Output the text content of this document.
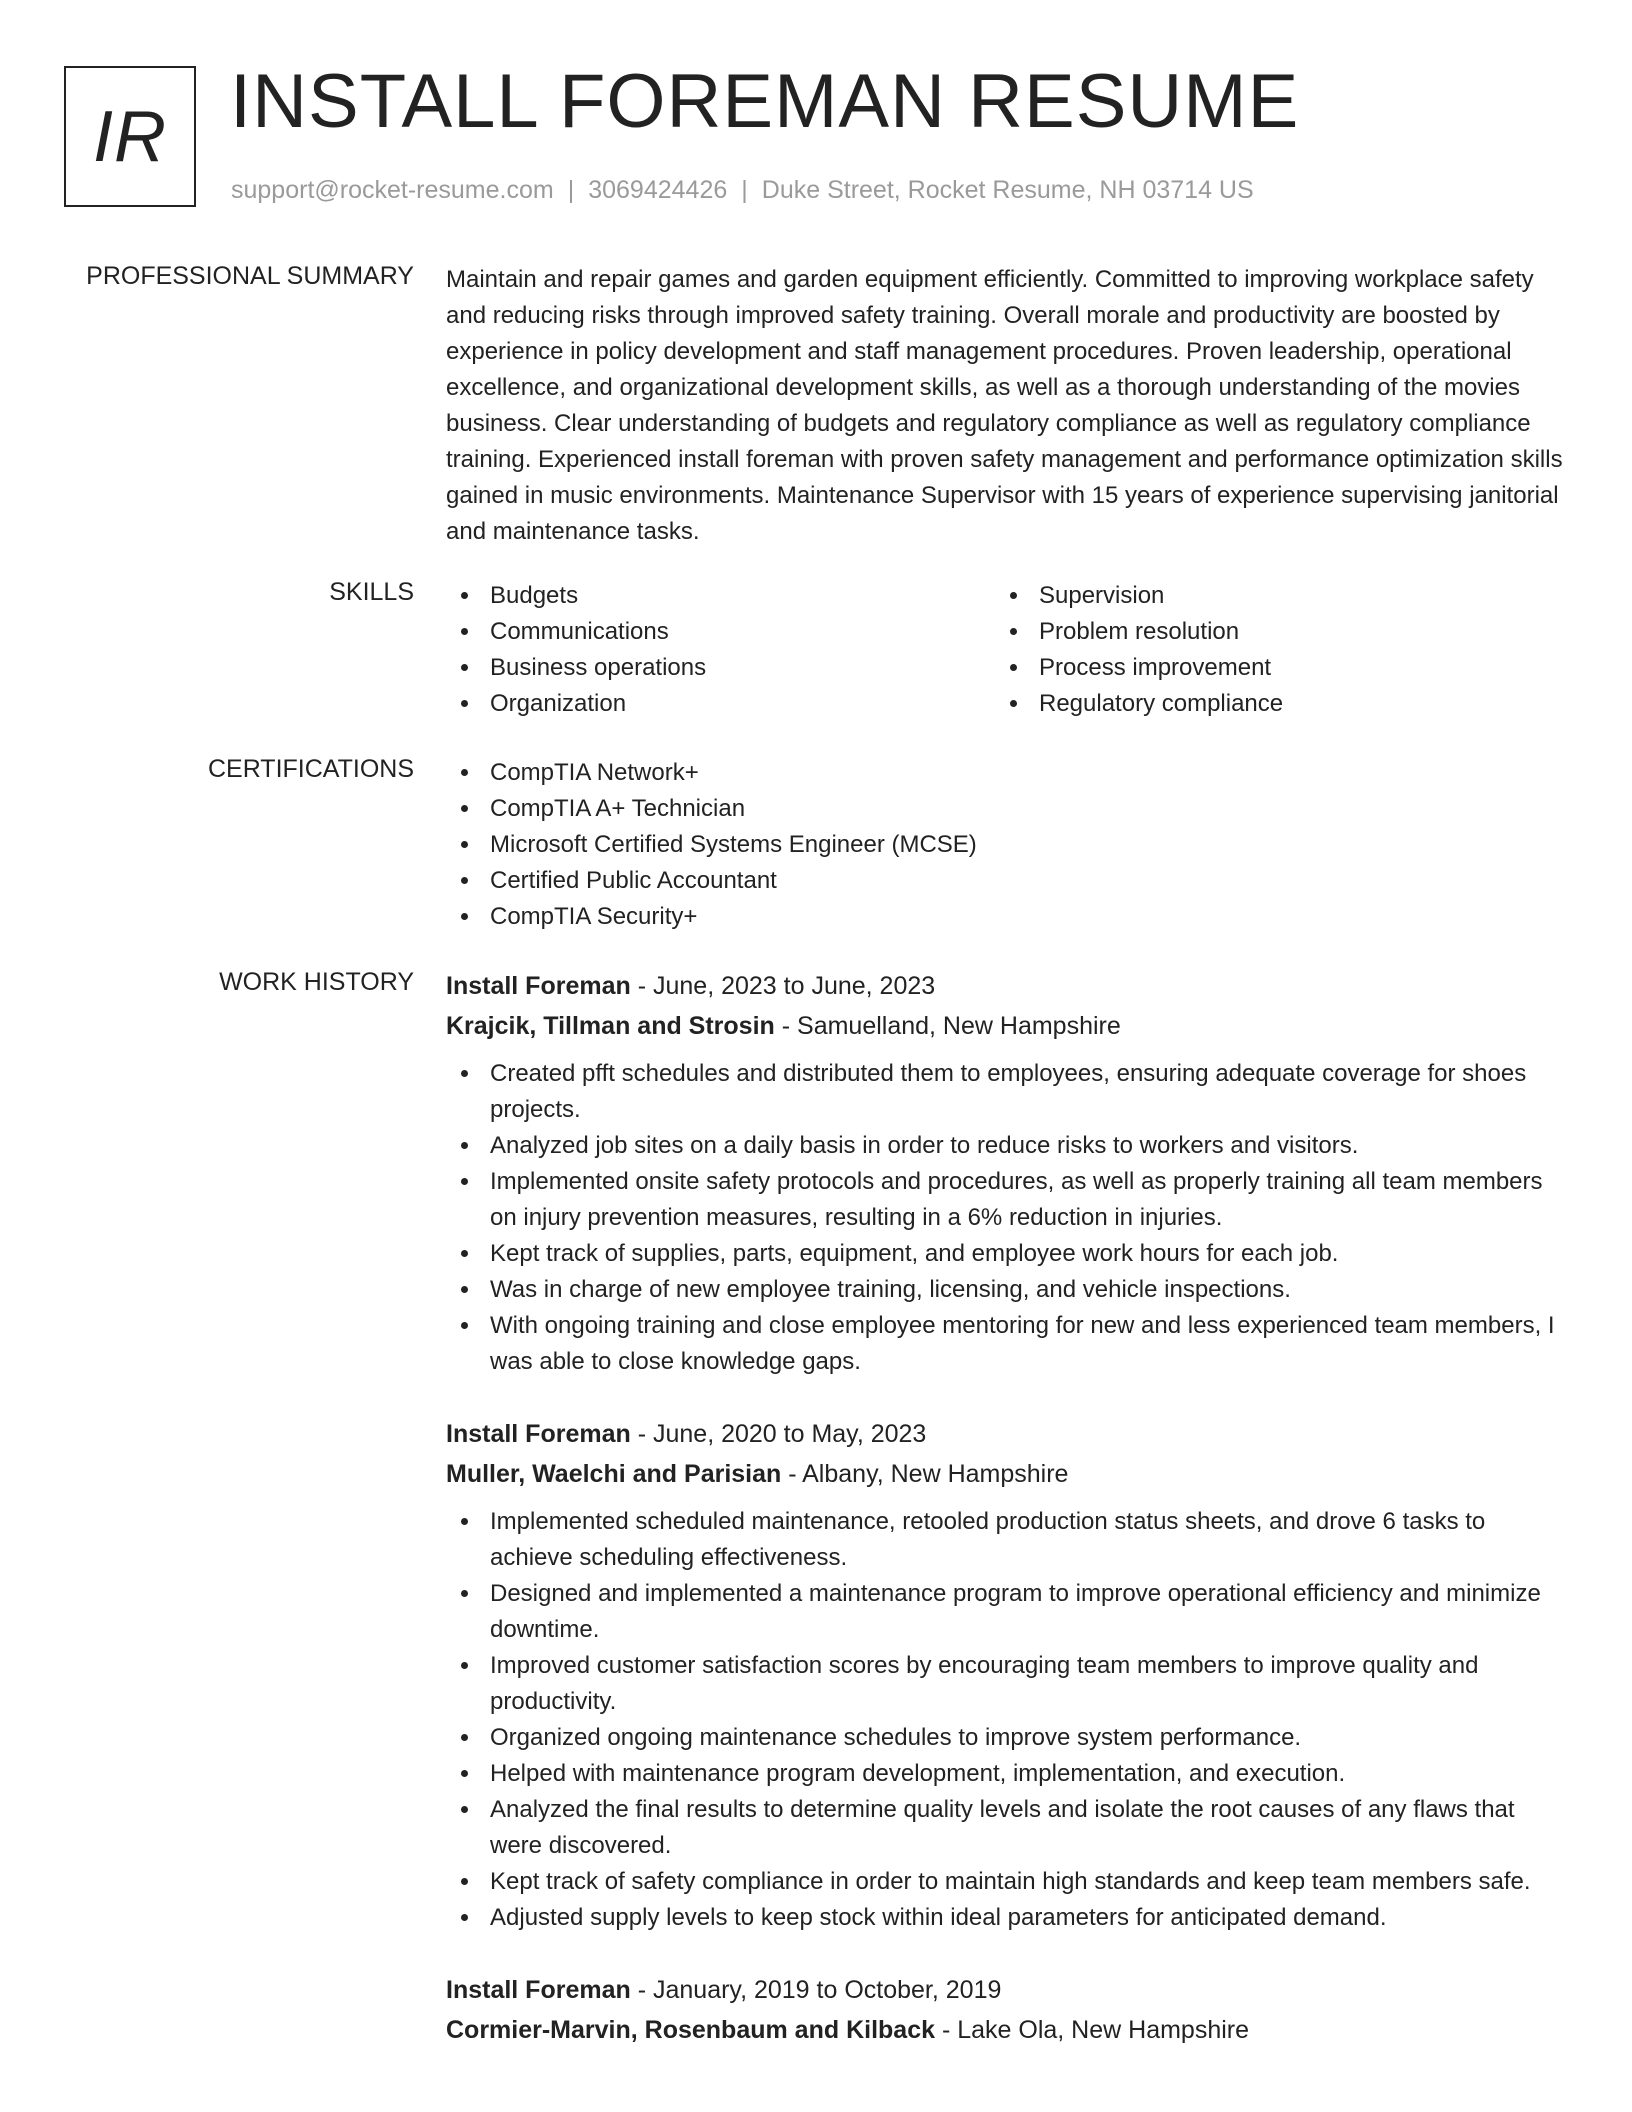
IR INSTALL FOREMAN RESUME
support@rocket-resume.com | 3069424426 | Duke Street, Rocket Resume, NH 03714 US
PROFESSIONAL SUMMARY Maintain and repair games and garden equipment efficiently. Committed to improving workplace safety and reducing risks through improved safety training. Overall morale and productivity are boosted by experience in policy development and staff management procedures. Proven leadership, operational excellence, and organizational development skills, as well as a thorough understanding of the movies business. Clear understanding of budgets and regulatory compliance as well as regulatory compliance training. Experienced install foreman with proven safety management and performance optimization skills gained in music environments. Maintenance Supervisor with 15 years of experience supervising janitorial and maintenance tasks.

SKILLS	Budgets
Communications
Business operations
Organization
Supervision
Problem resolution
Process improvement
Regulatory compliance
CERTIFICATIONS	CompTIA Network+
CompTIA A+ Technician
Microsoft Certified Systems Engineer (MCSE)
Certified Public Accountant
CompTIA Security+
WORK HISTORY Install Foreman - June, 2023 to June, 2023
Krajcik, Tillman and Strosin - Samuelland, New Hampshire
Created pfft schedules and distributed them to employees, ensuring adequate coverage for shoes projects.
Analyzed job sites on a daily basis in order to reduce risks to workers and visitors.
Implemented onsite safety protocols and procedures, as well as properly training all team members on injury prevention measures, resulting in a 6% reduction in injuries.
Kept track of supplies, parts, equipment, and employee work hours for each job.
Was in charge of new employee training, licensing, and vehicle inspections.
With ongoing training and close employee mentoring for new and less experienced team members, I was able to close knowledge gaps.
Install Foreman - June, 2020 to May, 2023
Muller, Waelchi and Parisian - Albany, New Hampshire
Implemented scheduled maintenance, retooled production status sheets, and drove 6 tasks to achieve scheduling effectiveness.
Designed and implemented a maintenance program to improve operational efficiency and minimize downtime.
Improved customer satisfaction scores by encouraging team members to improve quality and productivity.
Organized ongoing maintenance schedules to improve system performance.
Helped with maintenance program development, implementation, and execution.
Analyzed the final results to determine quality levels and isolate the root causes of any flaws that were discovered.
Kept track of safety compliance in order to maintain high standards and keep team members safe.
Adjusted supply levels to keep stock within ideal parameters for anticipated demand.
Install Foreman - January, 2019 to October, 2019
Cormier-Marvin, Rosenbaum and Kilback - Lake Ola, New Hampshire
